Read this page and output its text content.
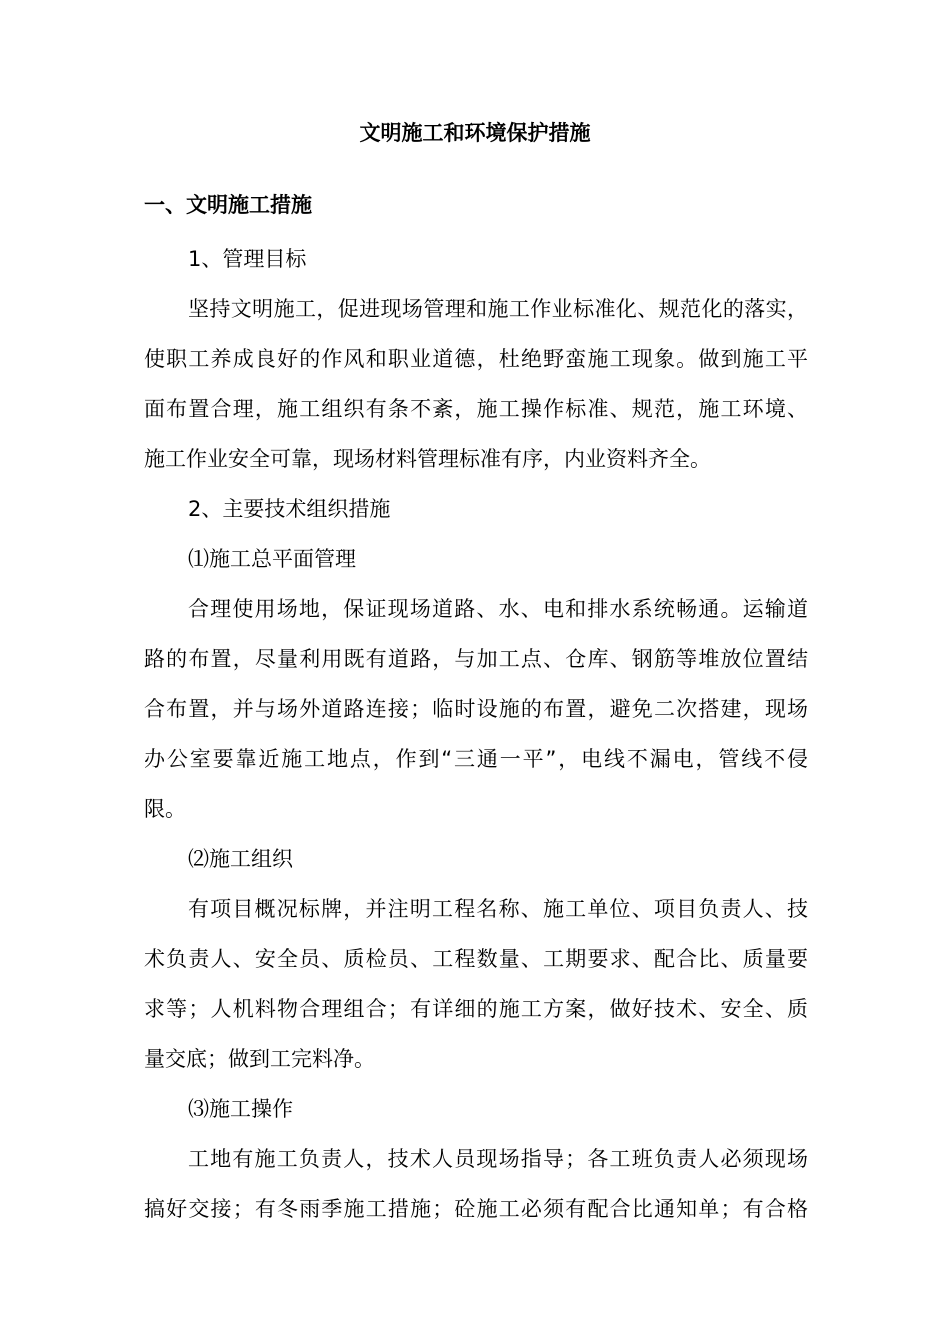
文明施工和环境保护措施
一、文明施工措施
1、管理目标
坚持文明施工，促进现场管理和施工作业标准化、规范化的落实，
使职工养成良好的作风和职业道德，杜绝野蛮施工现象。做到施工平
面布置合理，施工组织有条不紊，施工操作标准、规范，施工环境、
施工作业安全可靠，现场材料管理标准有序，内业资料齐全。
2、主要技术组织措施
⑴施工总平面管理
合理使用场地，保证现场道路、水、电和排水系统畅通。运输道
路的布置，尽量利用既有道路，与加工点、仓库、钢筋等堆放位置结
合布置，并与场外道路连接；临时设施的布置，避免二次搭建，现场
办公室要靠近施工地点，作到“三通一平”，电线不漏电，管线不侵
限。
⑵施工组织
有项目概况标牌，并注明工程名称、施工单位、项目负责人、技
术负责人、安全员、质检员、工程数量、工期要求、配合比、质量要
求等；人机料物合理组合；有详细的施工方案，做好技术、安全、质
量交底；做到工完料净。
⑶施工操作
工地有施工负责人，技术人员现场指导；各工班负责人必须现场
搞好交接；有冬雨季施工措施；砼施工必须有配合比通知单；有合格
